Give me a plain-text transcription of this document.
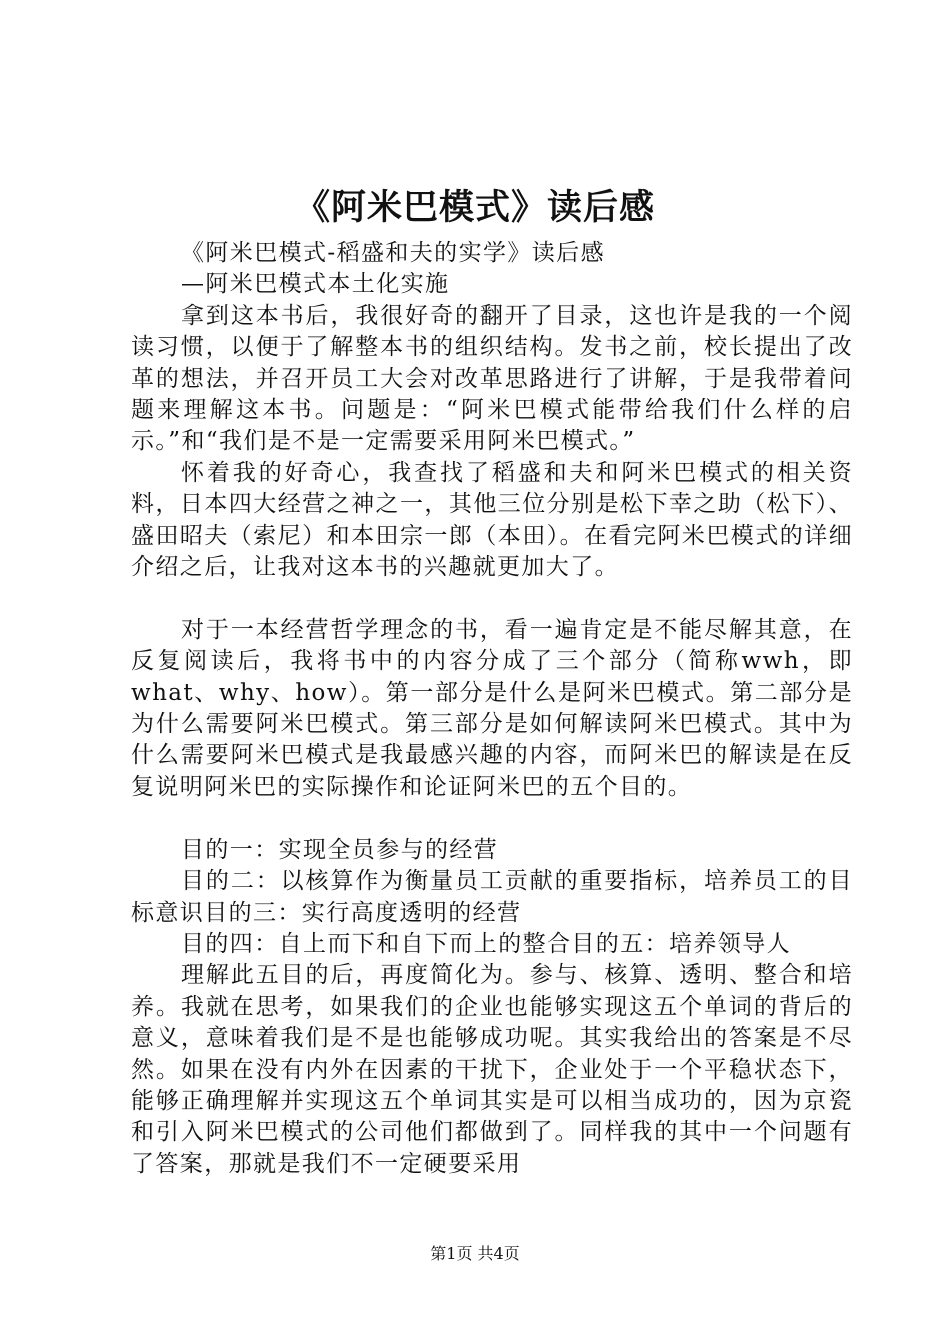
《阿米巴模式》读后感

《阿米巴模式-稻盛和夫的实学》读后感

—阿米巴模式本土化实施

拿到这本书后，我很好奇的翻开了目录，这也许是我的一个阅读习惯，以便于了解整本书的组织结构。发书之前，校长提出了改革的想法，并召开员工大会对改革思路进行了讲解，于是我带着问题来理解这本书。问题是：“阿米巴模式能带给我们什么样的启示。”和“我们是不是一定需要采用阿米巴模式。”

怀着我的好奇心，我查找了稻盛和夫和阿米巴模式的相关资料，日本四大经营之神之一，其他三位分别是松下幸之助（松下）、盛田昭夫（索尼）和本田宗一郎（本田）。在看完阿米巴模式的详细介绍之后，让我对这本书的兴趣就更加大了。

对于一本经营哲学理念的书，看一遍肯定是不能尽解其意，在反复阅读后，我将书中的内容分成了三个部分（简称wwh，即what、why、how）。第一部分是什么是阿米巴模式。第二部分是为什么需要阿米巴模式。第三部分是如何解读阿米巴模式。其中为什么需要阿米巴模式是我最感兴趣的内容，而阿米巴的解读是在反复说明阿米巴的实际操作和论证阿米巴的五个目的。

目的一：实现全员参与的经营

目的二：以核算作为衡量员工贡献的重要指标，培养员工的目标意识目的三：实行高度透明的经营

目的四：自上而下和自下而上的整合目的五：培养领导人

理解此五目的后，再度简化为。参与、核算、透明、整合和培养。我就在思考，如果我们的企业也能够实现这五个单词的背后的意义，意味着我们是不是也能够成功呢。其实我给出的答案是不尽然。如果在没有内外在因素的干扰下，企业处于一个平稳状态下，能够正确理解并实现这五个单词其实是可以相当成功的，因为京瓷和引入阿米巴模式的公司他们都做到了。同样我的其中一个问题有了答案，那就是我们不一定硬要采用

第1页 共4页
